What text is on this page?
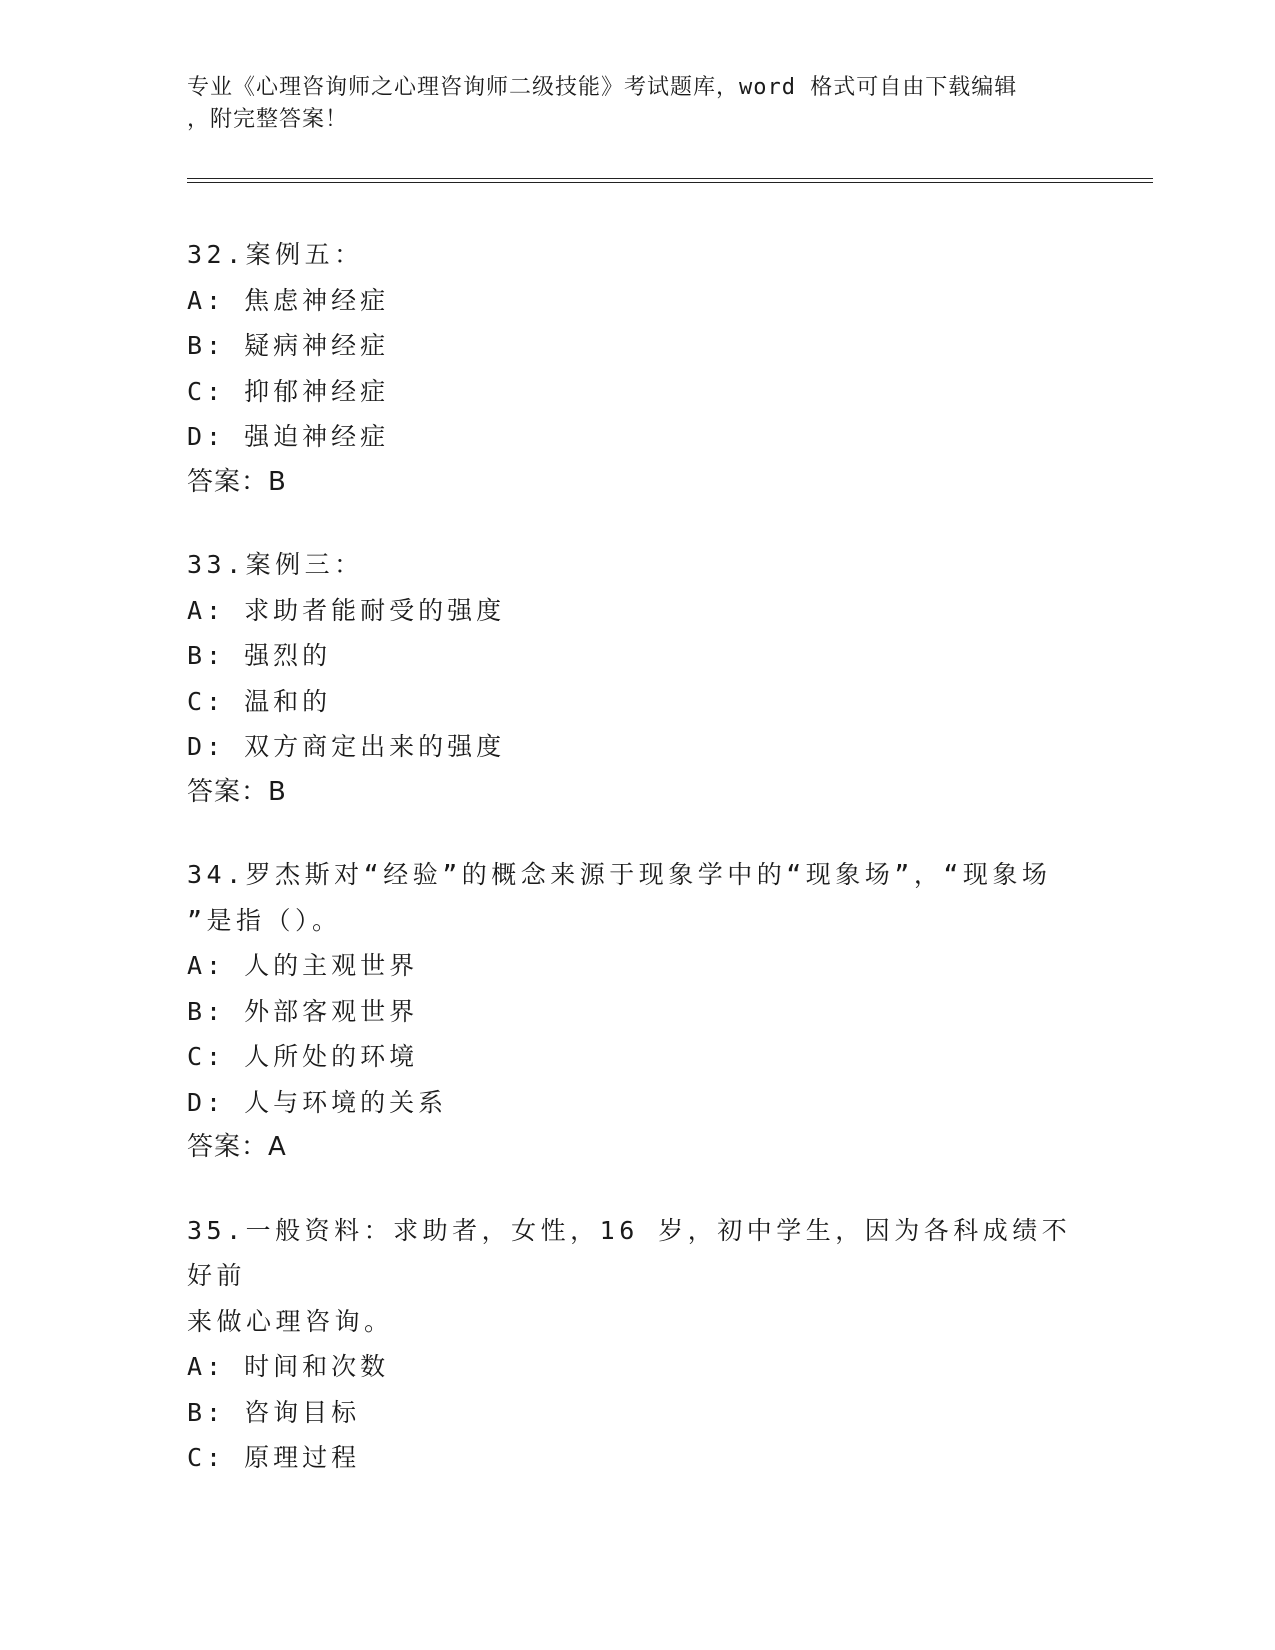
专业《心理咨询师之心理咨询师二级技能》考试题库，word 格式可自由下载编辑
，附完整答案！
32.案例五：
A: 焦虑神经症
B: 疑病神经症
C: 抑郁神经症
D: 强迫神经症
答案：B
33.案例三：
A: 求助者能耐受的强度
B: 强烈的
C: 温和的
D: 双方商定出来的强度
答案：B
34.罗杰斯对“经验”的概念来源于现象学中的“现象场”，“现象场
”是指（）。
A: 人的主观世界
B: 外部客观世界
C: 人所处的环境
D: 人与环境的关系
答案：A
35.一般资料：求助者，女性，16 岁，初中学生，因为各科成绩不好前
来做心理咨询。
A: 时间和次数
B: 咨询目标
C: 原理过程
